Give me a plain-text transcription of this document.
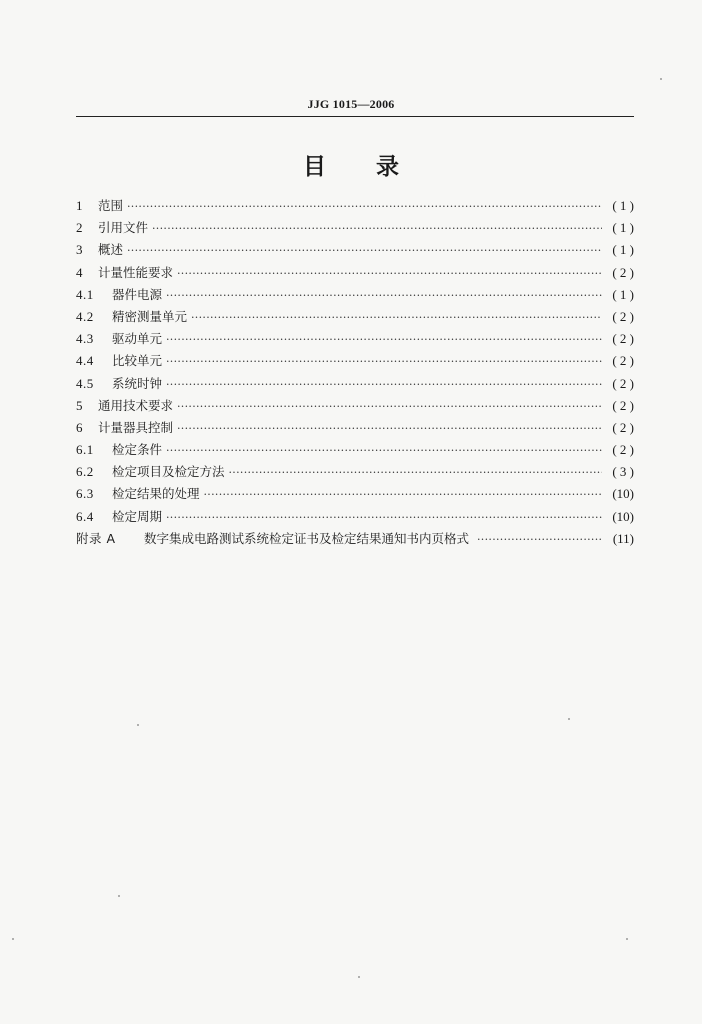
JJG 1015—2006
目 录
1	范围 ·····	( 1 )
2	引用文件 ·····	( 1 )
3	概述 ·····	( 1 )
4	计量性能要求 ·····	( 2 )
4.1	器件电源 ·····	( 1 )
4.2	精密测量单元 ·····	( 2 )
4.3	驱动单元 ·····	( 2 )
4.4	比较单元 ·····	( 2 )
4.5	系统时钟 ·····	( 2 )
5	通用技术要求 ·····	( 2 )
6	计量器具控制 ·····	( 2 )
6.1	检定条件 ·····	( 2 )
6.2	检定项目及检定方法 ·····	( 3 )
6.3	检定结果的处理 ·····	(10)
6.4	检定周期 ·····	(10)
附录 A	数字集成电路测试系统检定证书及检定结果通知书内页格式 ·····	(11)
